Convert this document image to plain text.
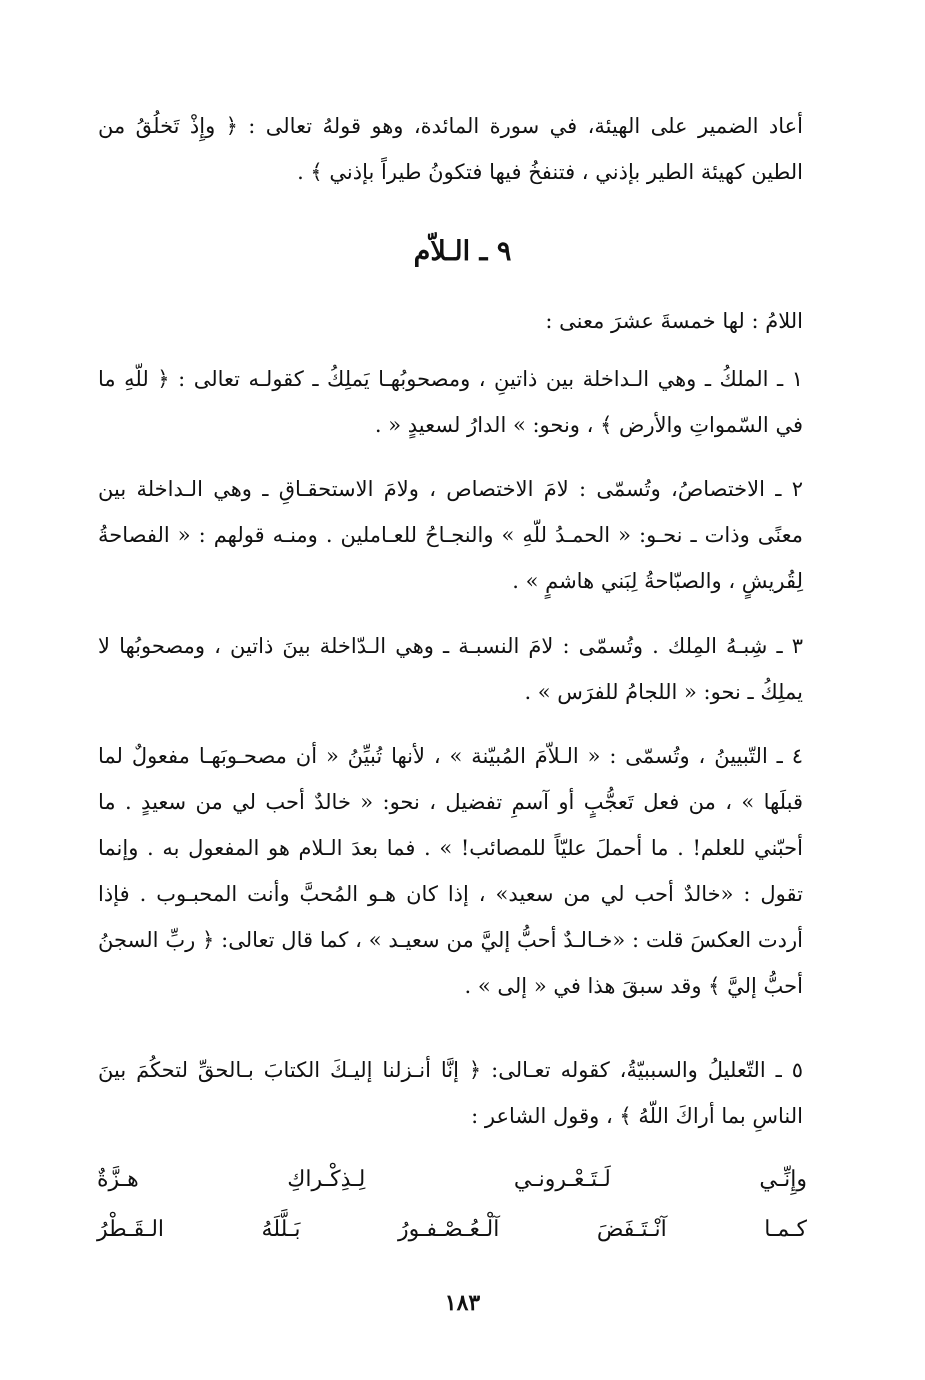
أعاد الضمير على الهيئة، في سورة المائدة، وهو قولهُ تعالى : ﴿ وإِذْ تَخلُقُ من الطين كهيئة الطير بإذني ، فتنفخُ فيها فتكونُ طيراً بإذني ﴾ .

٩ ـ الـلاّم

اللامُ : لها خمسةَ عشرَ معنى :

١ ـ الملكُ ـ وهي الـداخلة بين ذاتينِ ، ومصحوبُهـا يَملِكُ ـ كقولـه تعالى : ﴿ للّهِ ما في السّمواتِ والأرض ﴾ ، ونحو: » الدارُ لسعيدٍ « .

٢ ـ الاختصاصُ، وتُسمّى : لامَ الاختصاص ، ولامَ الاستحقـاقِ ـ وهي الـداخلة بين معنًى وذات ـ نحـو: « الحمـدُ للّهِ » والنجـاحُ للعـاملين . ومنـه قولهم : « الفصاحةُ لِقُريشٍ ، والصبّاحةُ لِبَني هاشمٍ » .

٣ ـ شِبـهُ المِلك . وتُسمّى : لامَ النسبـة ـ وهي الـدّاخلة بينَ ذاتين ، ومصحوبُها لا يملِكُ ـ نحو: « اللجامُ للفرَس » .

٤ ـ التّبيينُ ، وتُسمّى : « الـلاّمَ المُبيّنة » ، لأنها تُبيِّنُ « أن مصحـوبَهـا مفعولٌ لما قبلَها » ، من فعل تَعجُّبٍ أو آسمِ تفضيل ، نحو: « خالدٌ أحب لي من سعيدٍ . ما أحبّني للعلم! . ما أحملَ عليّاً للمصائب! » . فما بعدَ الـلام هو المفعول به . وإنما تقول : «خالدٌ أحب لي من سعيد» ، إذا كان هـو المُحبَّ وأنت المحبـوب . فإذا أردت العكسَ قلت : «خـالـدٌ أحبُّ إليَّ من سعيـد » ، كما قال تعالى: ﴿ ربِّ السجنُ أحبُّ إليَّ ﴾ وقد سبقَ هذا في « إلى » .

٥ ـ التّعليلُ والسببيّةُ، كقوله تعـالى: ﴿ إنَّا أنـزلنا إليـكَ الكتابَ بـالحقِّ لتحكُمَ بينَ الناسِ بما أراكَ اللّهُ ﴾ ، وقول الشاعر :

وإِنِّـي لَـتَـعْـرونـي لِـذِكْـراكِ هـزَّةٌ
كـمـا آنْـتَـفَضَ آلْـعُـصْـفـورُ بَـلَّلَهُ الـقَـطْرُ
١٨٣
